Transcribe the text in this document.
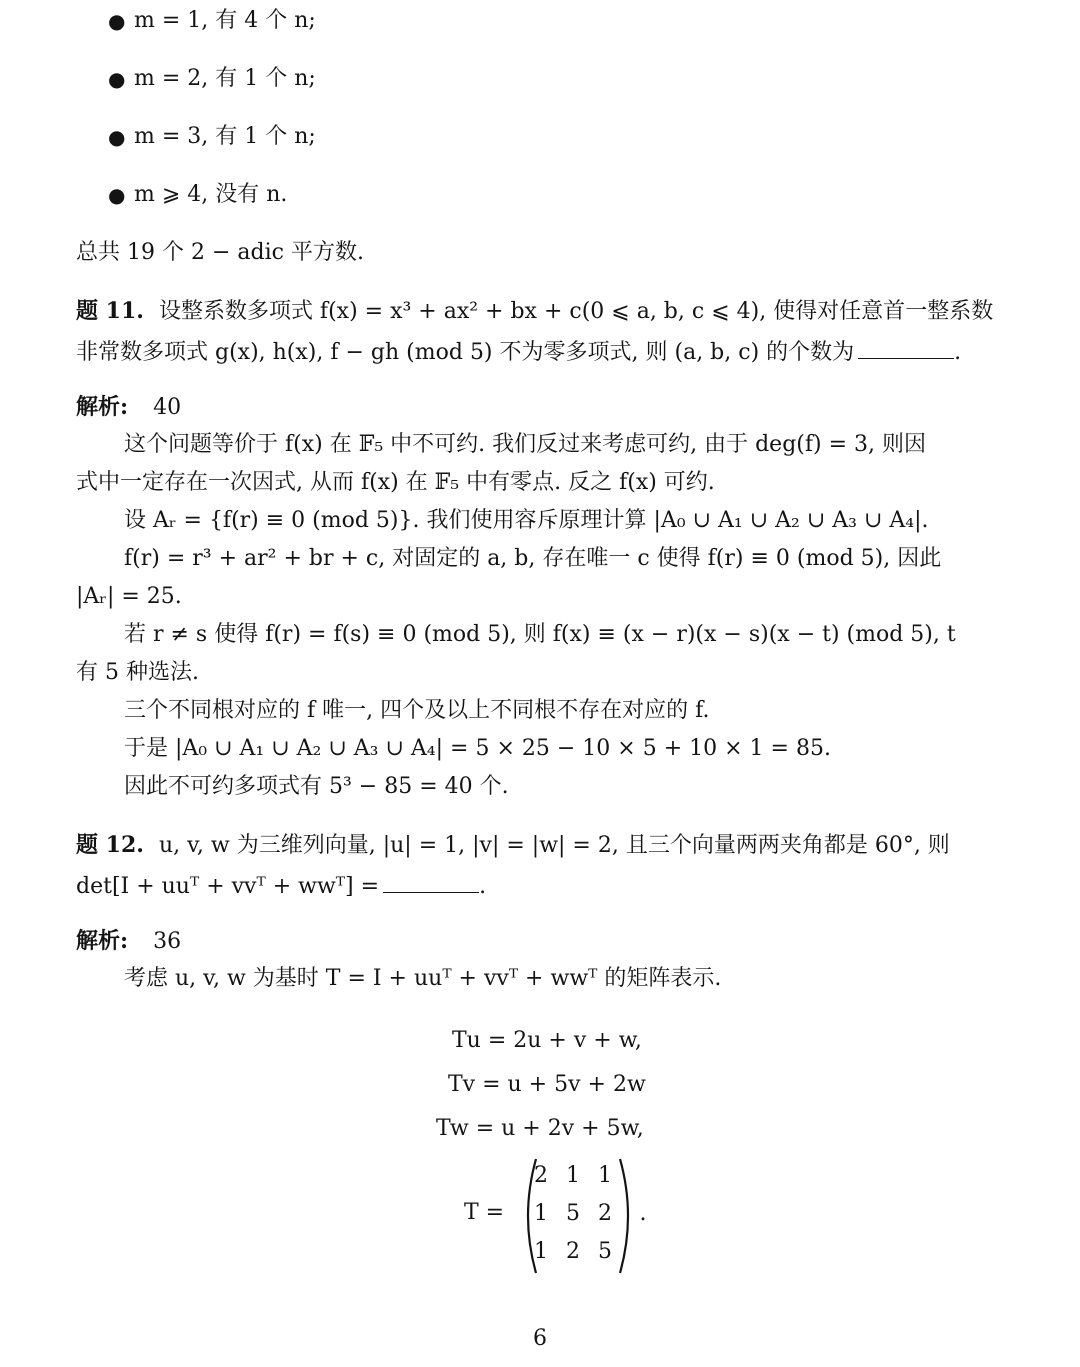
● m = 1, 有 4 个 n;
● m = 2, 有 1 个 n;
● m = 3, 有 1 个 n;
● m ⩾ 4, 没有 n.
总共 19 个 2 − adic 平方数.
题 11. 设整系数多项式 f(x) = x³ + ax² + bx + c(0 ⩽ a, b, c ⩽ 4), 使得对任意首一整系数
非常数多项式 g(x), h(x), f − gh (mod 5) 不为零多项式, 则 (a, b, c) 的个数为	.
解析: 40
这个问题等价于 f(x) 在 𝔽₅ 中不可约. 我们反过来考虑可约, 由于 deg(f) = 3, 则因
式中一定存在一次因式, 从而 f(x) 在 𝔽₅ 中有零点. 反之 f(x) 可约.
设 Aᵣ = {f(r) ≡ 0 (mod 5)}. 我们使用容斥原理计算 |A₀ ∪ A₁ ∪ A₂ ∪ A₃ ∪ A₄|.
f(r) = r³ + ar² + br + c, 对固定的 a, b, 存在唯一 c 使得 f(r) ≡ 0 (mod 5), 因此
|Aᵣ| = 25.
若 r ≠ s 使得 f(r) = f(s) ≡ 0 (mod 5), 则 f(x) ≡ (x − r)(x − s)(x − t) (mod 5), t
有 5 种选法.
三个不同根对应的 f 唯一, 四个及以上不同根不存在对应的 f.
于是 |A₀ ∪ A₁ ∪ A₂ ∪ A₃ ∪ A₄| = 5 × 25 − 10 × 5 + 10 × 1 = 85.
因此不可约多项式有 5³ − 85 = 40 个.
题 12. u, v, w 为三维列向量, |u| = 1, |v| = |w| = 2, 且三个向量两两夹角都是 60°, 则
det[I + uuᵀ + vvᵀ + wwᵀ] =	.
解析: 36
考虑 u, v, w 为基时 T = I + uuᵀ + vvᵀ + wwᵀ 的矩阵表示.
Tu = 2u + v + w,
Tv = u + 5v + 2w
Tw = u + 2v + 5w,
T =
2 1 1
1 5 2
1 2 5
.
6
